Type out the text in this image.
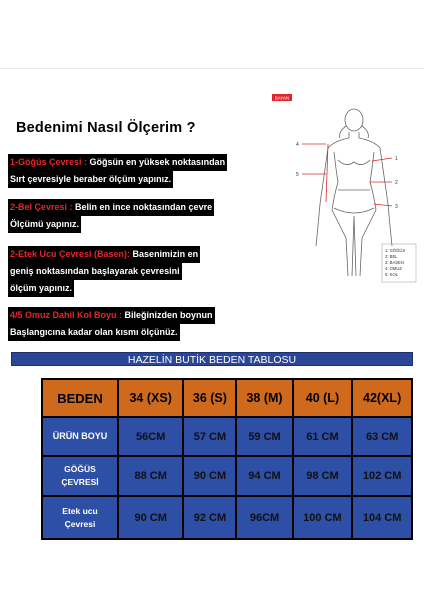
Bedenimi Nasıl Ölçerim ?
1-Göğüs Çevresi : Göğsün en yüksek noktasından
Sırt çevresiyle beraber ölçüm yapınız.
2-Bel Çevresi : Belin en ince noktasından çevre
Ölçümü yapınız.
2-Etek Ucu Çevresi (Basen): Basenimizin en
geniş noktasından başlayarak çevresini
ölçüm yapınız.
4/5 Omuz Dahil Kol Boyu : Bileğinizden boynun
Başlangıcına kadar olan kısmı ölçünüz.
BAYAN
1
2
3
4
5
1: GÖĞÜS
2: BEL
3: BASEN
4: OMUZ
5: KOL
HAZELİN BUTİK BEDEN TABLOSU
BEDEN	34 (XS)	36 (S)	38 (M)	40 (L)	42(XL)
ÜRÜN BOYU	56CM	57 CM	59 CM	61 CM	63 CM

GÖĞÜS
ÇEVRESİ	88 CM	90 CM	94 CM	98 CM	102 CM

Etek ucu
Çevresi	90 CM	92 CM	96CM	100 CM	104 CM
